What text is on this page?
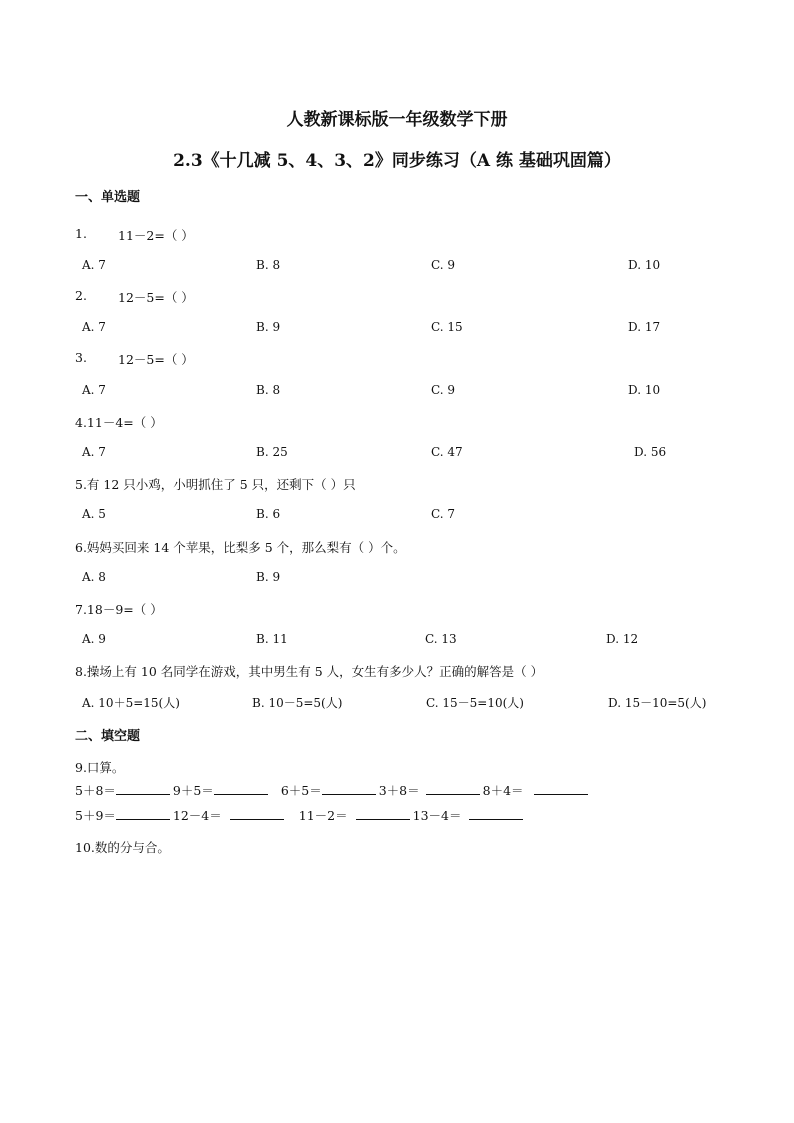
人教新课标版一年级数学下册
2.3《十几减 5、4、3、2》同步练习（A 练 基础巩固篇）
一、单选题
1. 11－2=（ ）
A. 7	B. 8	C. 9	D. 10
2. 12－5=（ ）
A. 7	B. 9	C. 15	D. 17
3. 12－5=（ ）
A. 7	B. 8	C. 9	D. 10
4.11－4=（ ）
A. 7	B. 25	C. 47	D. 56
5.有 12 只小鸡，小明抓住了 5 只，还剩下（ ）只
A. 5	B. 6	C. 7
6.妈妈买回来 14 个苹果，比梨多 5 个，那么梨有（ ）个。
A. 8	B. 9
7.18－9=（ ）
A. 9	B. 11	C. 13	D. 12
8.操场上有 10 名同学在游戏，其中男生有 5 人，女生有多少人？正确的解答是（ ）
A. 10＋5=15(人)	B. 10－5=5(人)	C. 15－5=10(人)	D. 15－10=5(人)
二、填空题
9.口算。
5＋8＝	9＋5＝	6＋5＝	3＋8＝	8＋4＝
5＋9＝	12－4＝	11－2＝	13－4＝
10.数的分与合。
